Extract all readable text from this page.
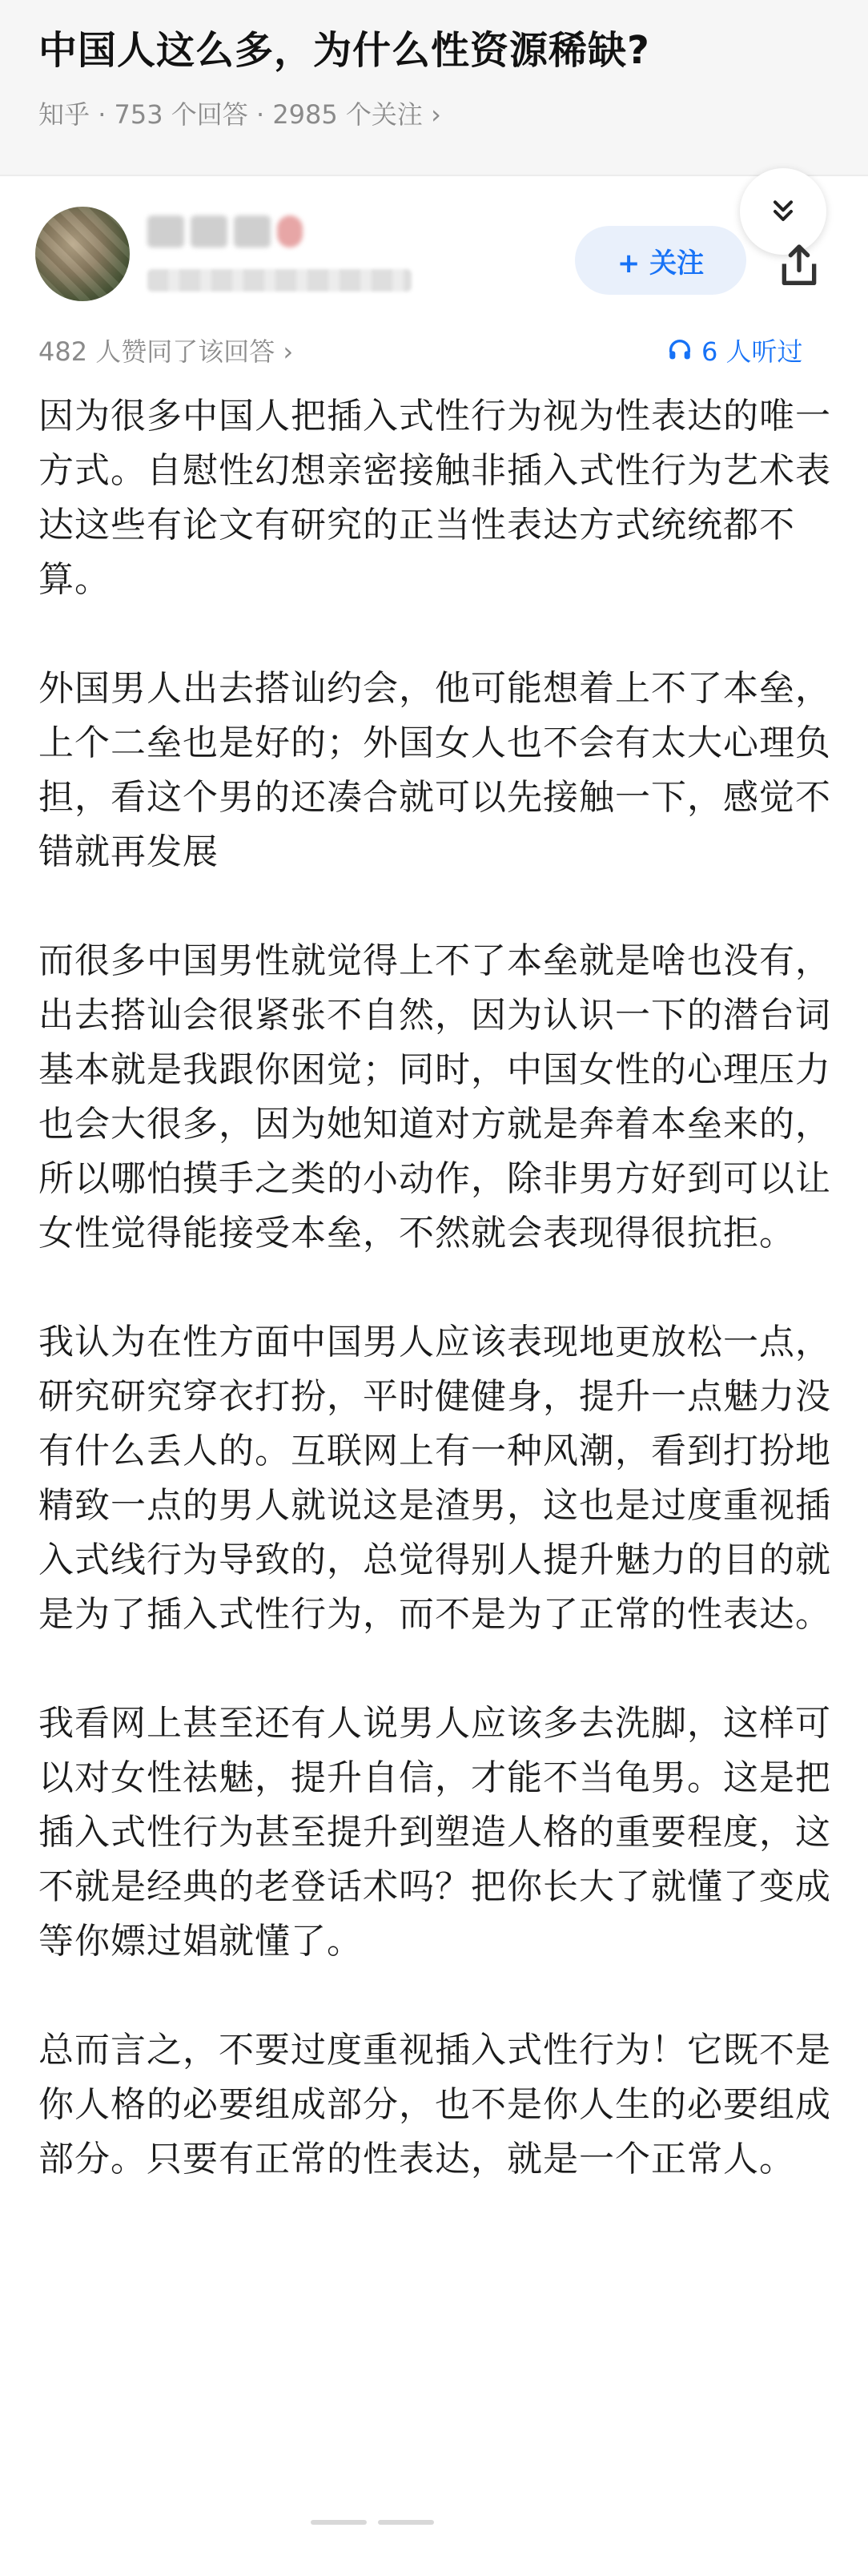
中国人这么多，为什么性资源稀缺?
知乎 · 753 个回答 · 2985 个关注 ›
+ 关注
482 人赞同了该回答 ›	6 人听过

因为很多中国人把插入式性行为视为性表达的唯一方式。自慰性幻想亲密接触非插入式性行为艺术表达这些有论文有研究的正当性表达方式统统都不算。

外国男人出去搭讪约会，他可能想着上不了本垒，上个二垒也是好的；外国女人也不会有太大心理负担，看这个男的还凑合就可以先接触一下，感觉不错就再发展

而很多中国男性就觉得上不了本垒就是啥也没有，出去搭讪会很紧张不自然，因为认识一下的潜台词基本就是我跟你困觉；同时，中国女性的心理压力也会大很多，因为她知道对方就是奔着本垒来的，所以哪怕摸手之类的小动作，除非男方好到可以让女性觉得能接受本垒，不然就会表现得很抗拒。

我认为在性方面中国男人应该表现地更放松一点，研究研究穿衣打扮，平时健健身，提升一点魅力没有什么丢人的。互联网上有一种风潮，看到打扮地精致一点的男人就说这是渣男，这也是过度重视插入式线行为导致的，总觉得别人提升魅力的目的就是为了插入式性行为，而不是为了正常的性表达。

我看网上甚至还有人说男人应该多去洗脚，这样可以对女性祛魅，提升自信，才能不当龟男。这是把插入式性行为甚至提升到塑造人格的重要程度，这不就是经典的老登话术吗？把你长大了就懂了变成等你嫖过娼就懂了。

总而言之，不要过度重视插入式性行为！它既不是你人格的必要组成部分，也不是你人生的必要组成部分。只要有正常的性表达，就是一个正常人。
